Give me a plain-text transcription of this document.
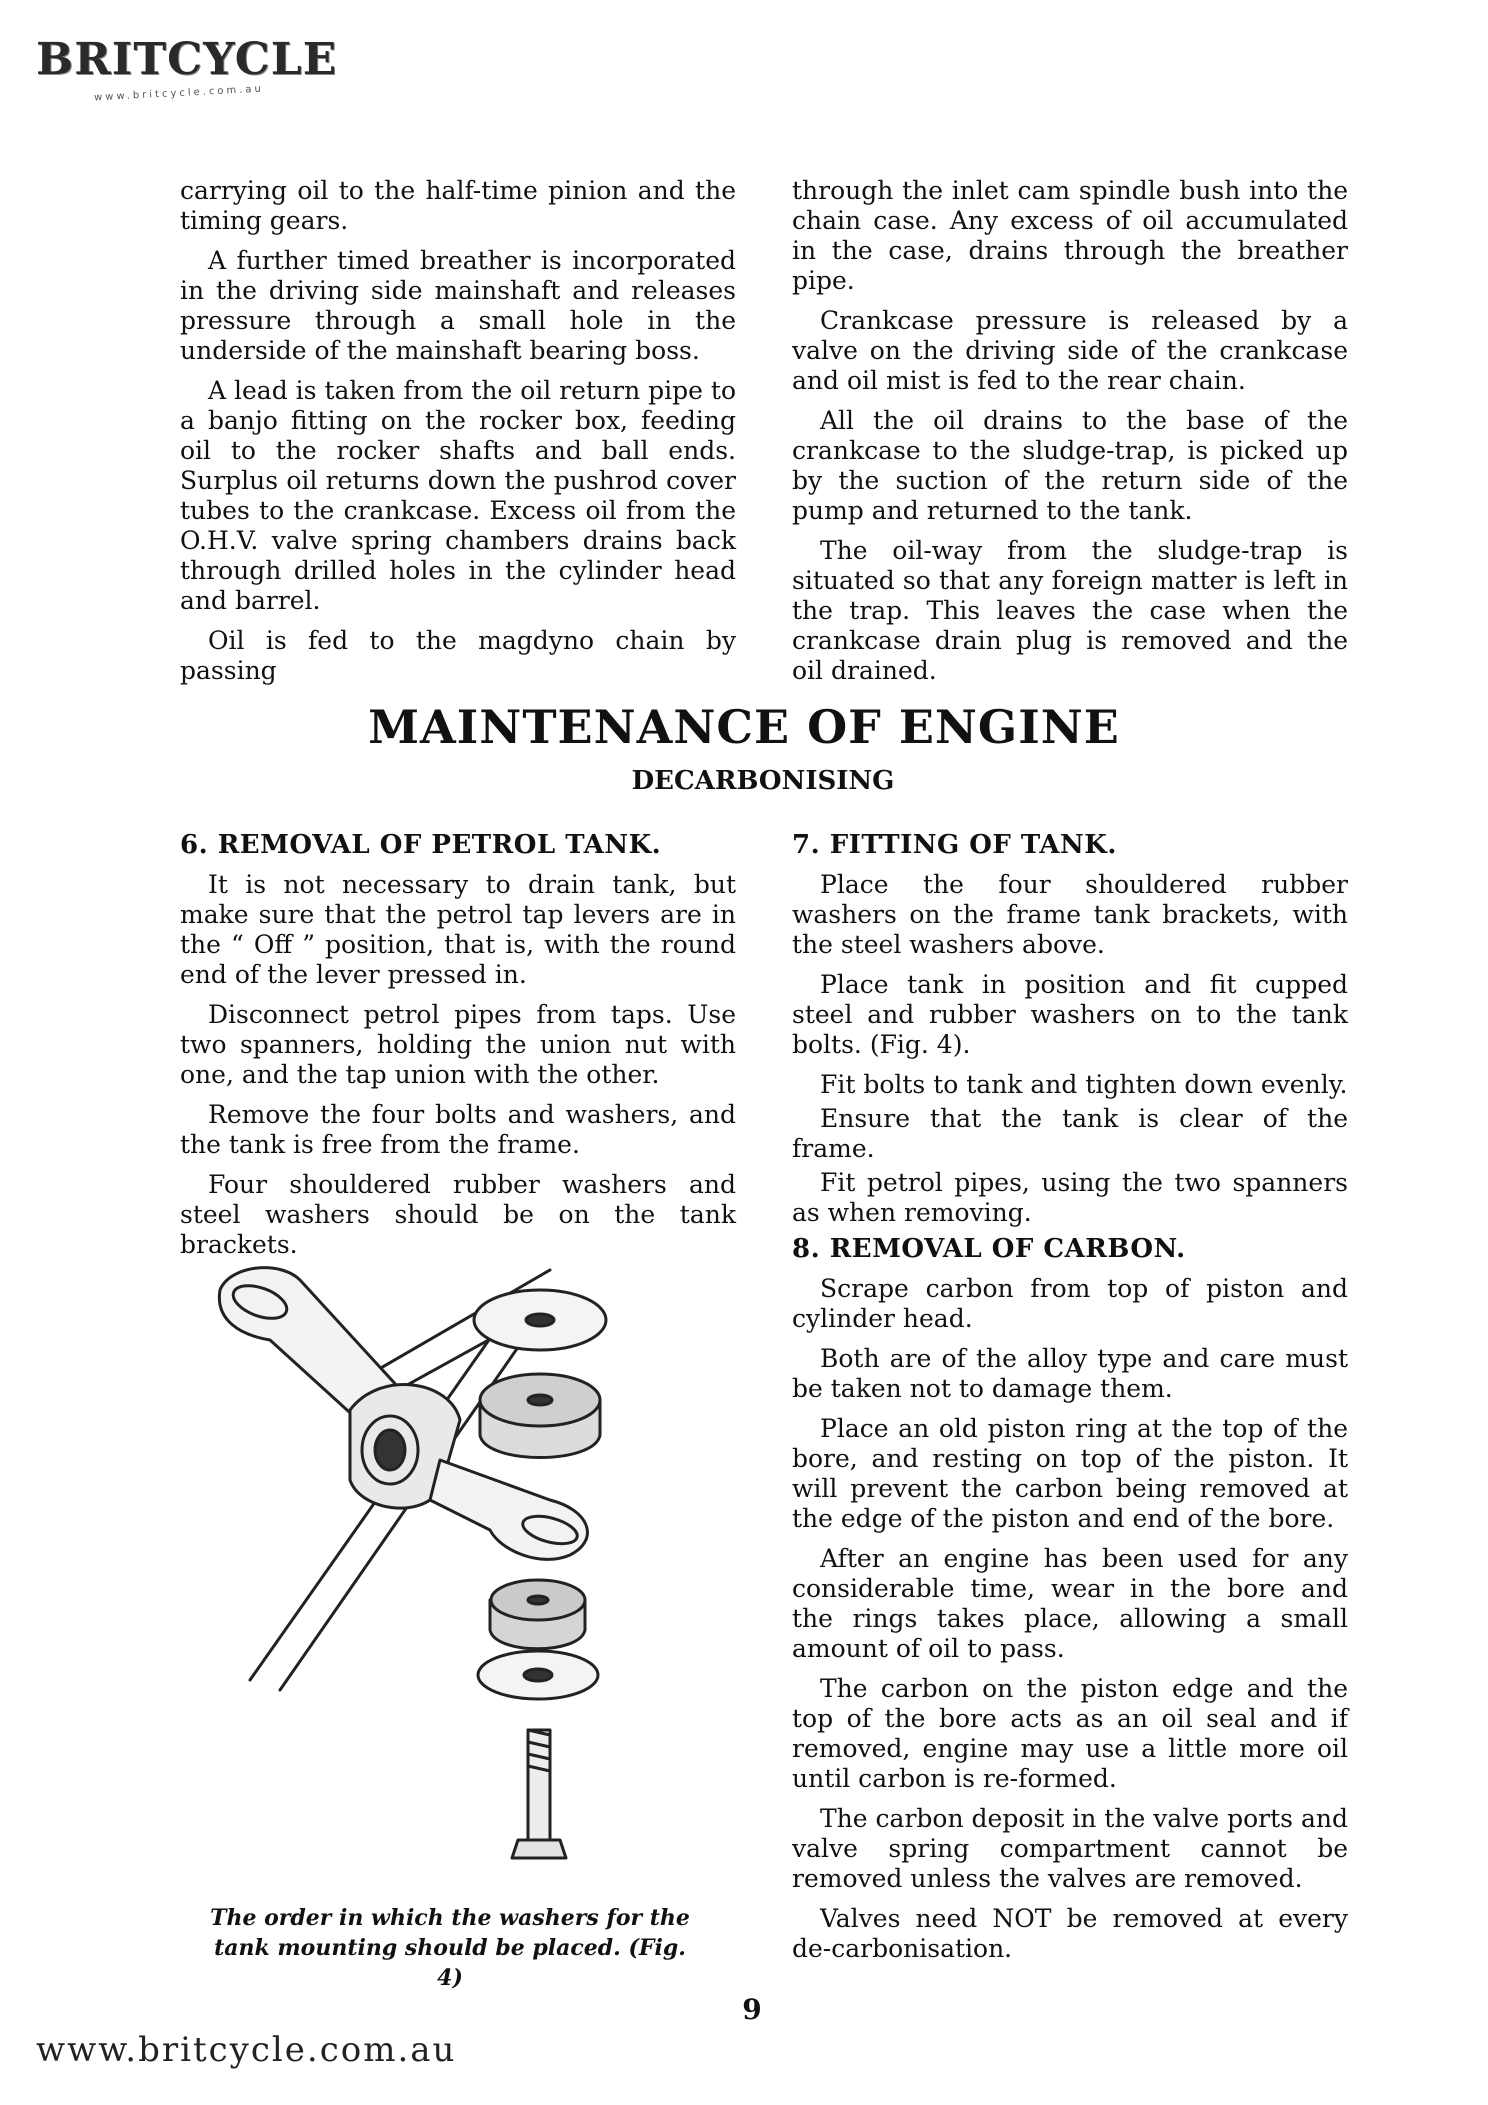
BRITCYCLE
www.britcycle.com.au

carrying oil to the half-time pinion and the timing gears.

A further timed breather is incorporated in the driving side mainshaft and releases pressure through a small hole in the underside of the mainshaft bearing boss.

A lead is taken from the oil return pipe to a banjo fitting on the rocker box, feeding oil to the rocker shafts and ball ends. Surplus oil returns down the pushrod cover tubes to the crankcase. Excess oil from the O.H.V. valve spring chambers drains back through drilled holes in the cylinder head and barrel.

Oil is fed to the magdyno chain by passing

through the inlet cam spindle bush into the chain case. Any excess of oil accumulated in the case, drains through the breather pipe.

Crankcase pressure is released by a valve on the driving side of the crankcase and oil mist is fed to the rear chain.

All the oil drains to the base of the crankcase to the sludge-trap, is picked up by the suction of the return side of the pump and returned to the tank.

The oil-way from the sludge-trap is situated so that any foreign matter is left in the trap. This leaves the case when the crankcase drain plug is removed and the oil drained.

MAINTENANCE OF ENGINE
DECARBONISING

6. REMOVAL OF PETROL TANK.

It is not necessary to drain tank, but make sure that the petrol tap levers are in the “ Off ” position, that is, with the round end of the lever pressed in.

Disconnect petrol pipes from taps. Use two spanners, holding the union nut with one, and the tap union with the other.

Remove the four bolts and washers, and the tank is free from the frame.

Four shouldered rubber washers and steel washers should be on the tank brackets.

The order in which the washers for the tank mounting should be placed. (Fig. 4)

7. FITTING OF TANK.

Place the four shouldered rubber washers on the frame tank brackets, with the steel washers above.

Place tank in position and fit cupped steel and rubber washers on to the tank bolts. (Fig. 4).

Fit bolts to tank and tighten down evenly.

Ensure that the tank is clear of the frame.

Fit petrol pipes, using the two spanners as when removing.

8. REMOVAL OF CARBON.

Scrape carbon from top of piston and cylinder head.

Both are of the alloy type and care must be taken not to damage them.

Place an old piston ring at the top of the bore, and resting on top of the piston. It will prevent the carbon being removed at the edge of the piston and end of the bore.

After an engine has been used for any considerable time, wear in the bore and the rings takes place, allowing a small amount of oil to pass.

The carbon on the piston edge and the top of the bore acts as an oil seal and if removed, engine may use a little more oil until carbon is re-formed.

The carbon deposit in the valve ports and valve spring compartment cannot be removed unless the valves are removed.

Valves need NOT be removed at every de-carbonisation.

9
www.britcycle.com.au
